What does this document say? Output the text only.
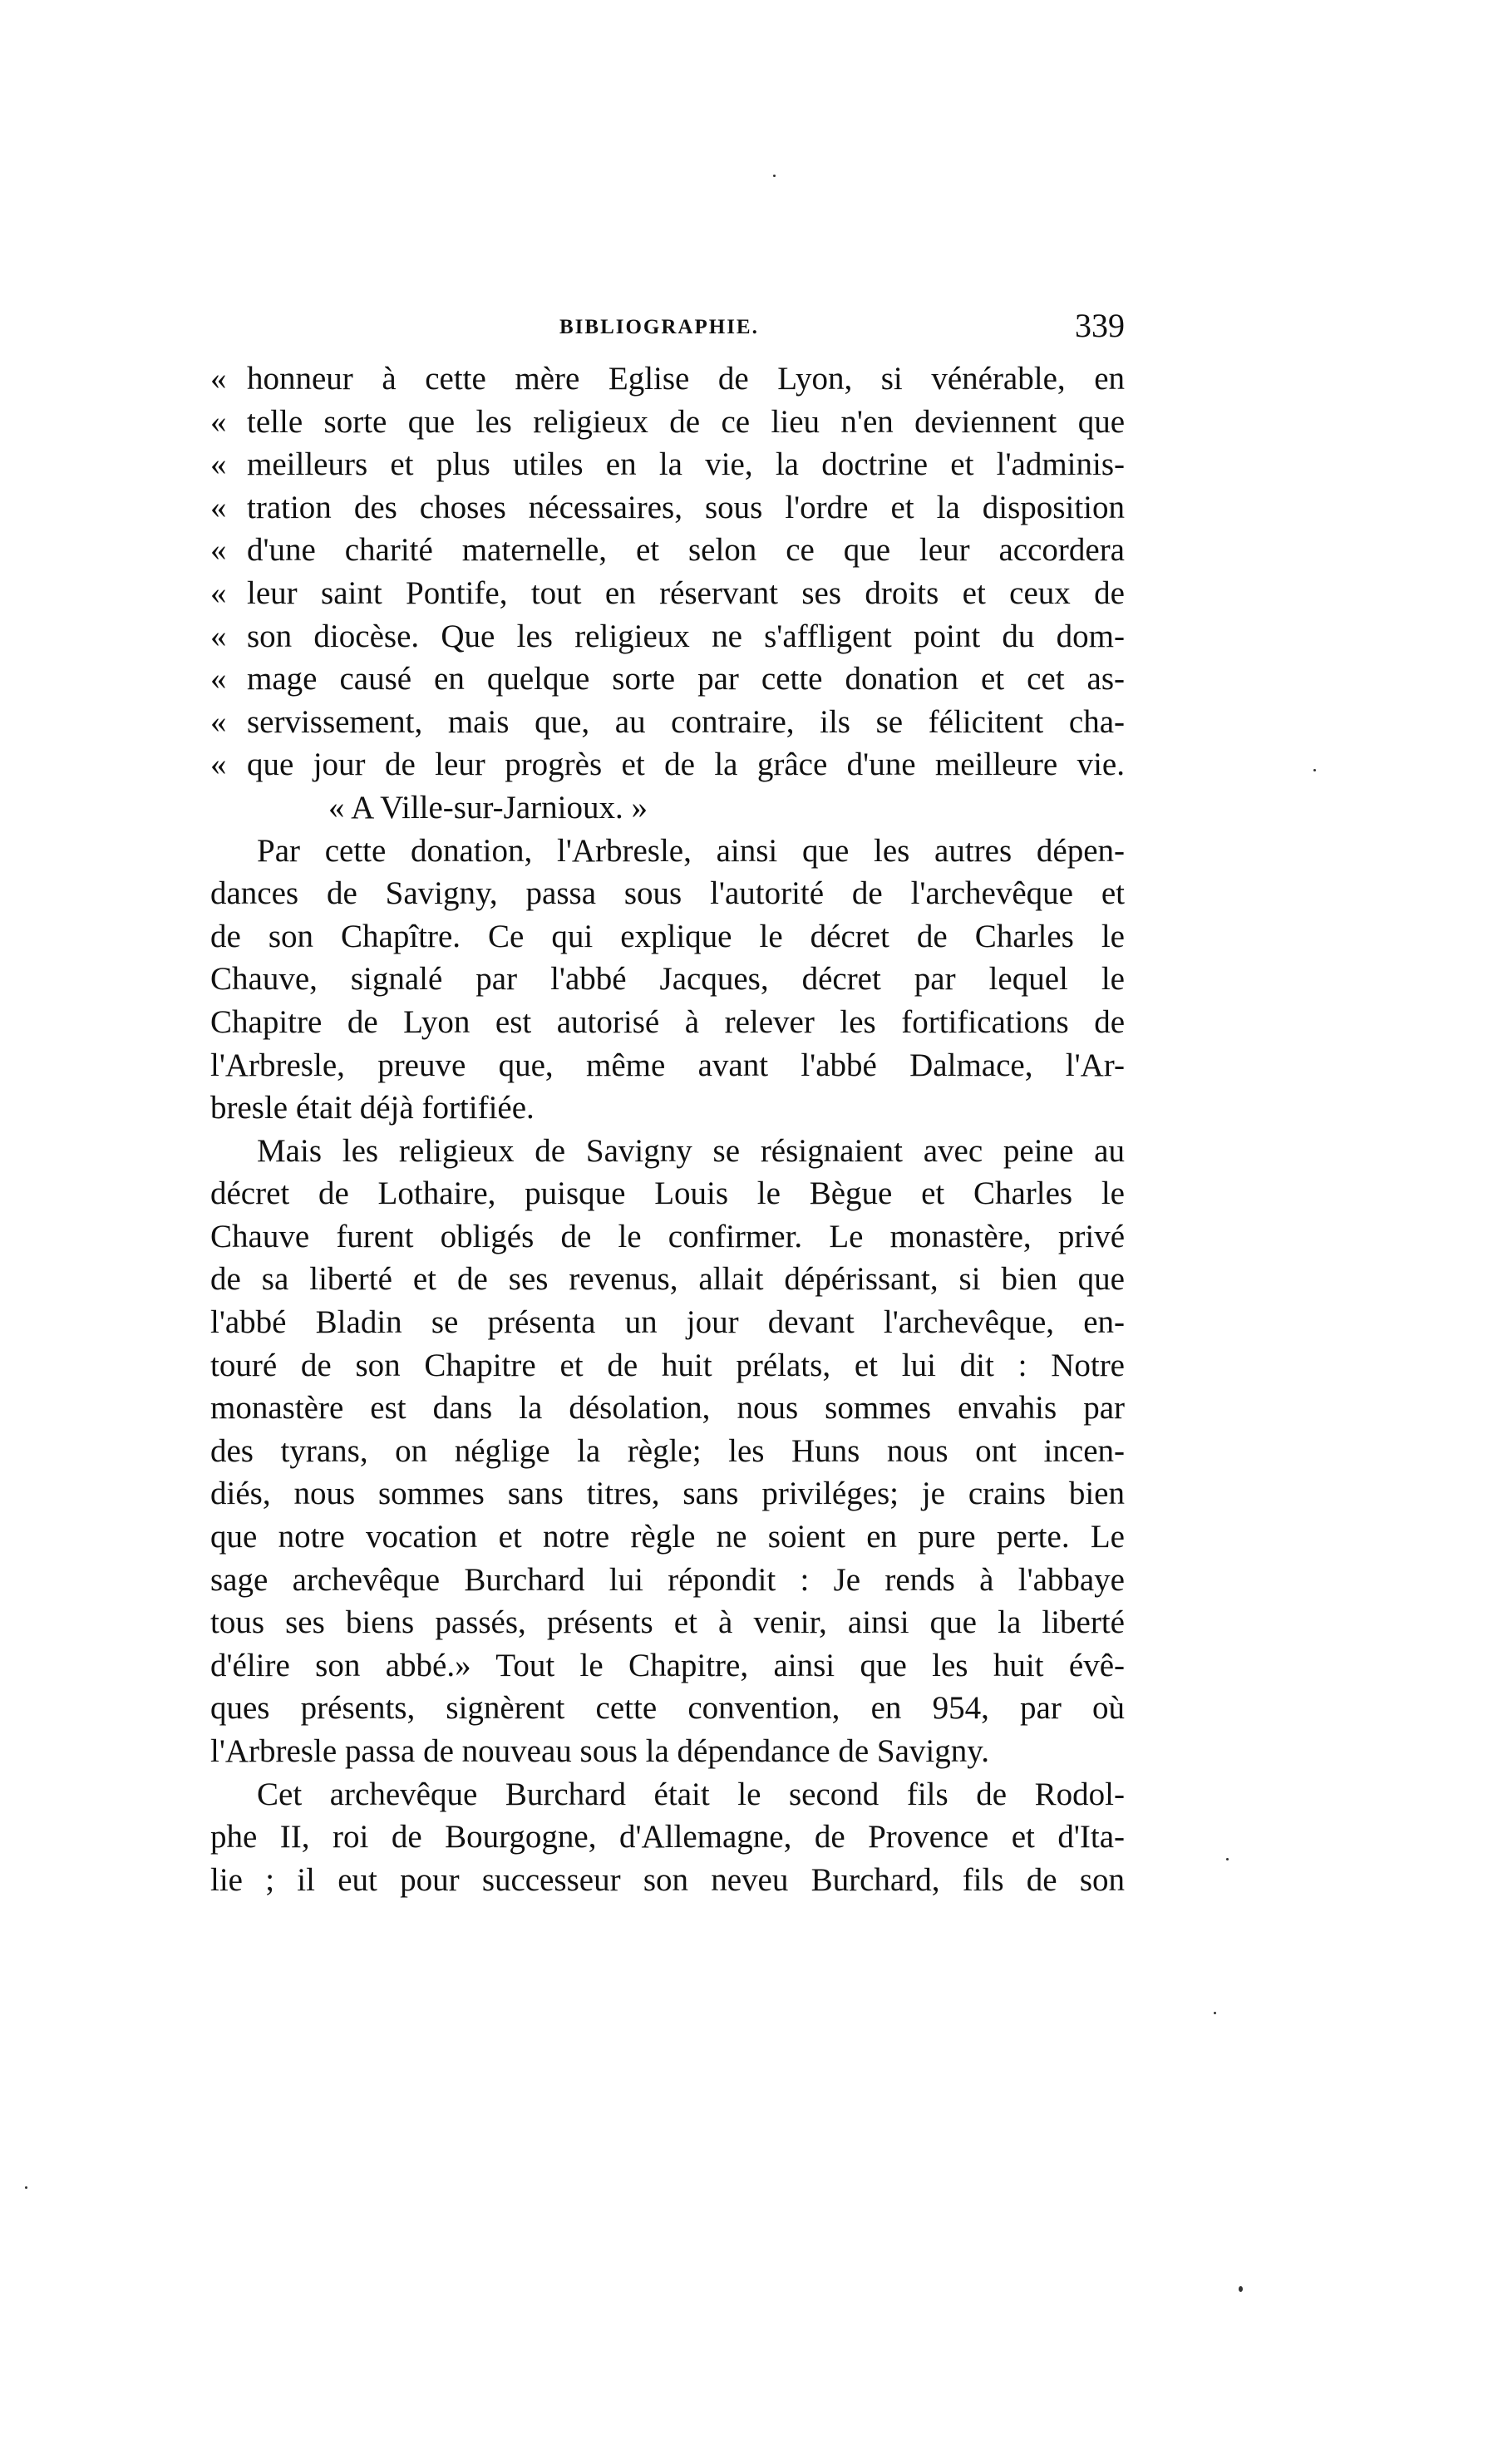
BIBLIOGRAPHIE.	339
« honneur à cette mère Eglise de Lyon, si vénérable, en
« telle sorte que les religieux de ce lieu n'en deviennent que
« meilleurs et plus utiles en la vie, la doctrine et l'adminis-
« tration des choses nécessaires, sous l'ordre et la disposition
« d'une charité maternelle, et selon ce que leur accordera
« leur saint Pontife, tout en réservant ses droits et ceux de
« son diocèse. Que les religieux ne s'affligent point du dom-
« mage causé en quelque sorte par cette donation et cet as-
« servissement, mais que, au contraire, ils se félicitent cha-
« que jour de leur progrès et de la grâce d'une meilleure vie.
« A Ville-sur-Jarnioux. »
Par cette donation, l'Arbresle, ainsi que les autres dépen-
dances de Savigny, passa sous l'autorité de l'archevêque et
de son Chapître. Ce qui explique le décret de Charles le
Chauve, signalé par l'abbé Jacques, décret par lequel le
Chapitre de Lyon est autorisé à relever les fortifications de
l'Arbresle, preuve que, même avant l'abbé Dalmace, l'Ar-
bresle était déjà fortifiée.
Mais les religieux de Savigny se résignaient avec peine au
décret de Lothaire, puisque Louis le Bègue et Charles le
Chauve furent obligés de le confirmer. Le monastère, privé
de sa liberté et de ses revenus, allait dépérissant, si bien que
l'abbé Bladin se présenta un jour devant l'archevêque, en-
touré de son Chapitre et de huit prélats, et lui dit : Notre
monastère est dans la désolation, nous sommes envahis par
des tyrans, on néglige la règle; les Huns nous ont incen-
diés, nous sommes sans titres, sans priviléges; je crains bien
que notre vocation et notre règle ne soient en pure perte. Le
sage archevêque Burchard lui répondit : Je rends à l'abbaye
tous ses biens passés, présents et à venir, ainsi que la liberté
d'élire son abbé.» Tout le Chapitre, ainsi que les huit évê-
ques présents, signèrent cette convention, en 954, par où
l'Arbresle passa de nouveau sous la dépendance de Savigny.
Cet archevêque Burchard était le second fils de Rodol-
phe II, roi de Bourgogne, d'Allemagne, de Provence et d'Ita-
lie ; il eut pour successeur son neveu Burchard, fils de son
